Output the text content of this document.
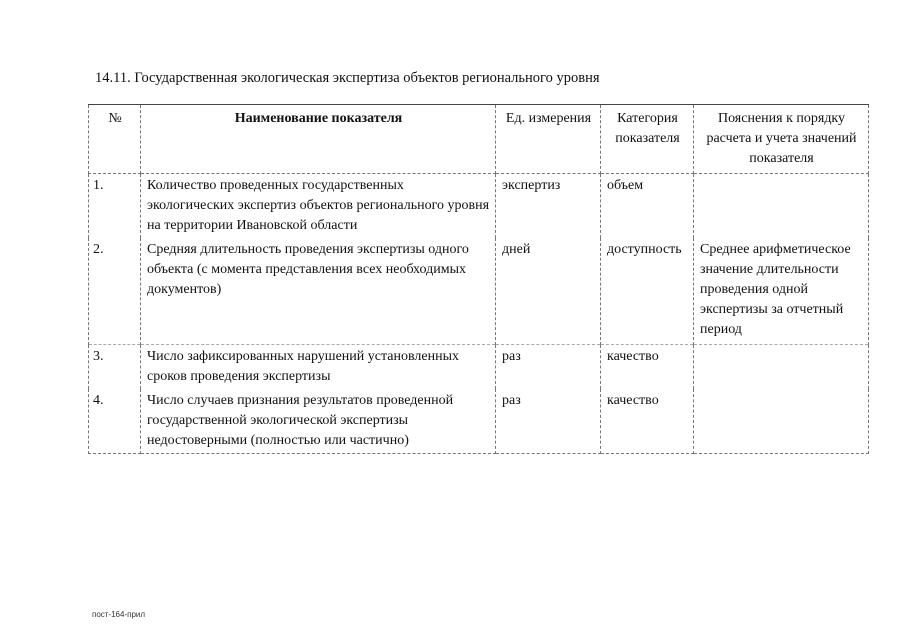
14.11. Государственная экологическая экспертиза объектов регионального уровня
№	Наименование показателя	Ед. измерения	Категория показателя	Пояснения к порядку расчета и учета значений показателя
1.	Количество проведенных государственных экологических экспертиз объектов регионального уровня на территории Ивановской области	экспертиз	объем	
2.	Средняя длительность проведения экспертизы одного объекта (с момента представления всех необходимых документов)	дней	доступность	Среднее арифметическое значение длительности проведения одной экспертизы за отчетный период
3.	Число зафиксированных нарушений установленных сроков проведения экспертизы	раз	качество	
4.	Число случаев признания результатов проведенной государственной экологической экспертизы недостоверными (полностью или частично)	раз	качество	
пост-164-прил
